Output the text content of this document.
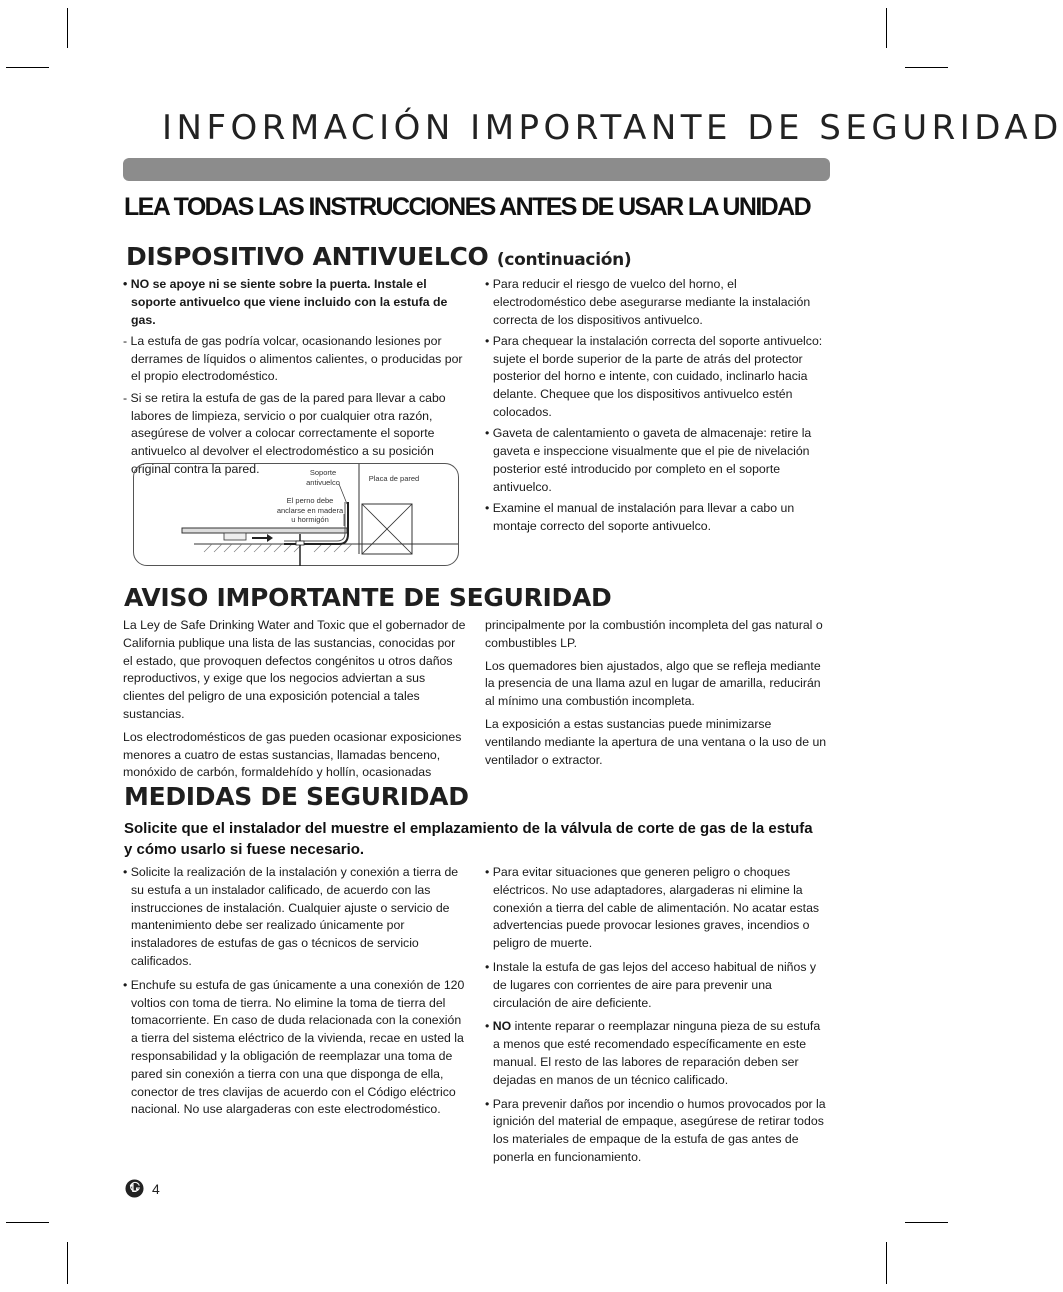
INFORMACIÓN IMPORTANTE DE SEGURIDAD
LEA TODAS LAS INSTRUCCIONES ANTES DE USAR LA UNIDAD
DISPOSITIVO ANTIVUELCO (continuación)

• NO se apoye ni se siente sobre la puerta. Instale el soporte antivuelco que viene incluido con la estufa de gas.

- La estufa de gas podría volcar, ocasionando lesiones por derrames de líquidos o alimentos calientes, o producidas por el propio electrodoméstico.

- Si se retira la estufa de gas de la pared para llevar a cabo labores de limpieza, servicio o por cualquier otra razón, asegúrese de volver a colocar correctamente el soporte antivuelco al devolver el electrodoméstico a su posición original contra la pared.	Soporte antivuelco	Placa de pared
El perno debe anclarse en madera u hormigón

• Para reducir el riesgo de vuelco del horno, el electrodoméstico debe asegurarse mediante la instalación correcta de los dispositivos antivuelco.

• Para chequear la instalación correcta del soporte antivuelco: sujete el borde superior de la parte de atrás del protector posterior del horno e intente, con cuidado, inclinarlo hacia delante. Chequee que los dispositivos antivuelco estén colocados.

• Gaveta de calentamiento o gaveta de almacenaje: retire la gaveta e inspeccione visualmente que el pie de nivelación posterior esté introducido por completo en el soporte antivuelco.

• Examine el manual de instalación para llevar a cabo un montaje correcto del soporte antivuelco.

AVISO IMPORTANTE DE SEGURIDAD

La Ley de Safe Drinking Water and Toxic que el gobernador de California publique una lista de las sustancias, conocidas por el estado, que provoquen defectos congénitos u otros daños reproductivos, y exige que los negocios adviertan a sus clientes del peligro de una exposición potencial a tales sustancias.

Los electrodomésticos de gas pueden ocasionar exposiciones menores a cuatro de estas sustancias, llamadas benceno, monóxido de carbón, formaldehído y hollín, ocasionadas

principalmente por la combustión incompleta del gas natural o combustibles LP.

Los quemadores bien ajustados, algo que se refleja mediante la presencia de una llama azul en lugar de amarilla, reducirán al mínimo una combustión incompleta.

La exposición a estas sustancias puede minimizarse ventilando mediante la apertura de una ventana o la uso de un ventilador o extractor.

MEDIDAS DE SEGURIDAD

Solicite que el instalador del muestre el emplazamiento de la válvula de corte de gas de la estufa y cómo usarlo si fuese necesario.

• Solicite la realización de la instalación y conexión a tierra de su estufa a un instalador calificado, de acuerdo con las instrucciones de instalación. Cualquier ajuste o servicio de mantenimiento debe ser realizado únicamente por instaladores de estufas de gas o técnicos de servicio calificados.

• Enchufe su estufa de gas únicamente a una conexión de 120 voltios con toma de tierra. No elimine la toma de tierra del tomacorriente. En caso de duda relacionada con la conexión a tierra del sistema eléctrico de la vivienda, recae en usted la responsabilidad y la obligación de reemplazar una toma de pared sin conexión a tierra con una que disponga de ella, conector de tres clavijas de acuerdo con el Código eléctrico nacional. No use alargaderas con este electrodoméstico.

• Para evitar situaciones que generen peligro o choques eléctricos. No use adaptadores, alargaderas ni elimine la conexión a tierra del cable de alimentación. No acatar estas advertencias puede provocar lesiones graves, incendios o peligro de muerte.

• Instale la estufa de gas lejos del acceso habitual de niños y de lugares con corrientes de aire para prevenir una circulación de aire deficiente.

• NO intente reparar o reemplazar ninguna pieza de su estufa a menos que esté recomendado específicamente en este manual. El resto de las labores de reparación deben ser dejadas en manos de un técnico calificado.

• Para prevenir daños por incendio o humos provocados por la ignición del material de empaque, asegúrese de retirar todos los materiales de empaque de la estufa de gas antes de ponerla en funcionamiento.

4
